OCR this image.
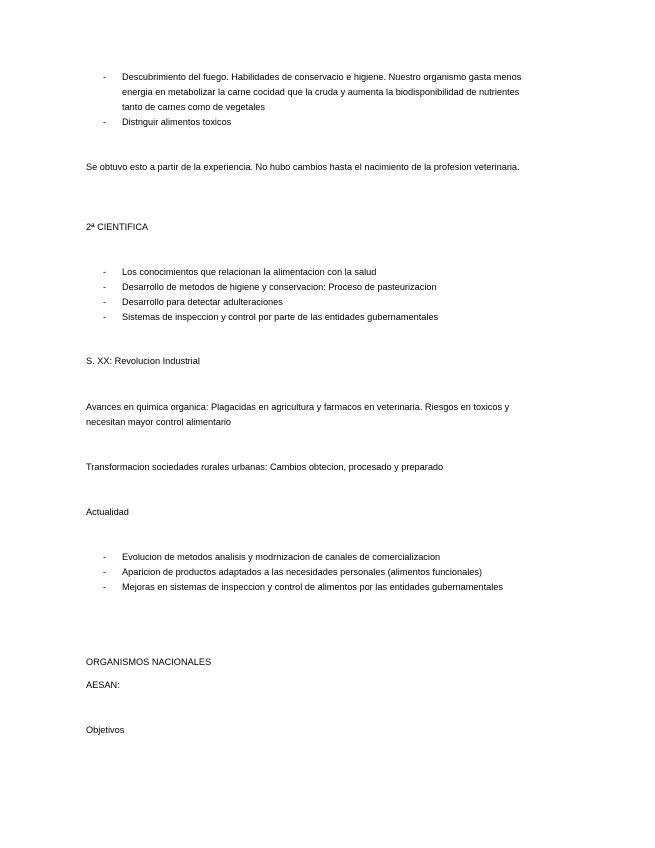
- Descubrimiento del fuego. Habilidades de conservacio e higiene. Nuestro organismo gasta menos energia en metabolizar la carne cocidad que la cruda y aumenta la biodisponibilidad de nutrientes tanto de carnes como de vegetales
- Distnguir alimentos toxicos

Se obtuvo esto a partir de la experiencia. No hubo cambios hasta el nacimiento de la profesion veterinaria.

2ª CIENTIFICA

- Los conocimientos que relacionan la alimentacion con la salud
- Desarrollo de metodos de higiene y conservacion: Proceso de pasteurizacion
- Desarrollo para detectar adulteraciones
- Sistemas de inspeccion y control por parte de las entidades gubernamentales

S. XX: Revolucion Industrial

Avances en quimica organica: Plagacidas en agricultura y farmacos en veterinaria. Riesgos en toxicos y necesitan mayor control alimentario

Transformacion sociedades rurales urbanas: Cambios obtecion, procesado y preparado

Actualidad

- Evolucion de metodos analisis y modrnizacion de canales de comercializacion
- Aparicion de productos adaptados a las necesidades personales (alimentos funcionales)
- Mejoras en sistemas de inspeccion y control de alimentos por las entidades gubernamentales

ORGANISMOS NACIONALES

AESAN:

Objetivos
